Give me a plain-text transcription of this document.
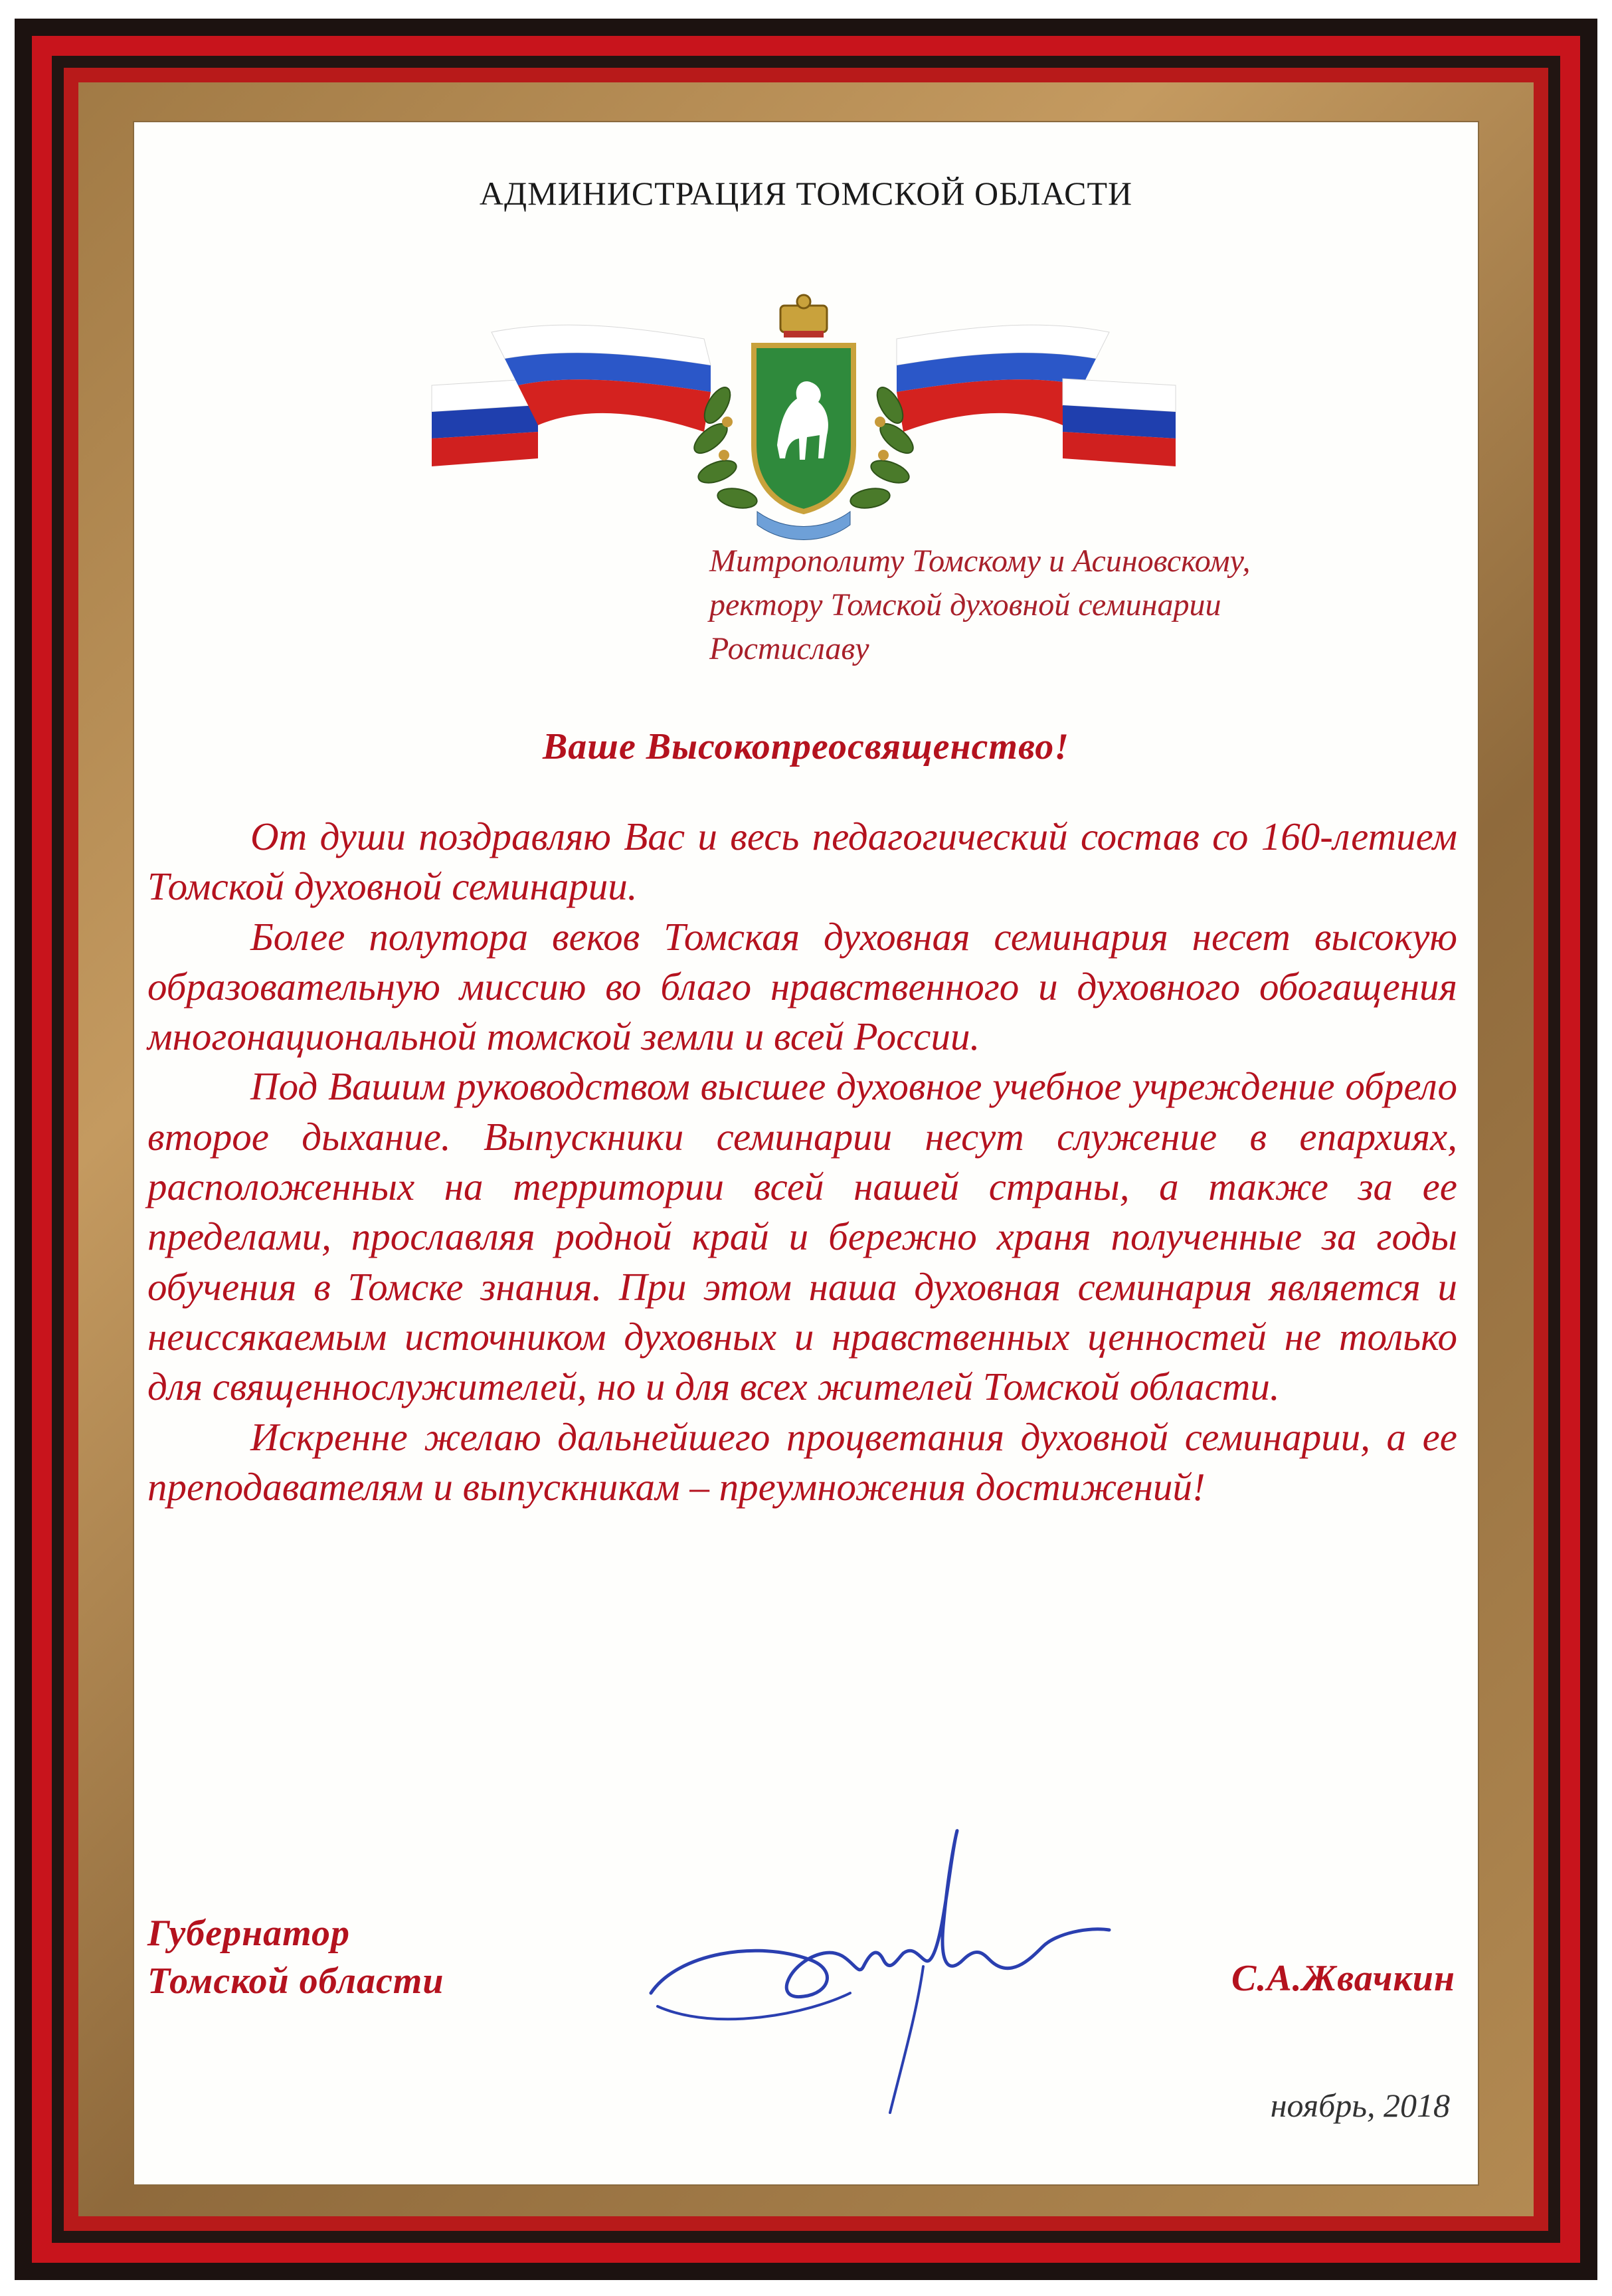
АДМИНИСТРАЦИЯ ТОМСКОЙ ОБЛАСТИ
Митрополиту Томскому и Асиновскому,
ректору Томской духовной семинарии
Ростиславу
Ваше Высокопреосвященство!

От души поздравляю Вас и весь педагогический состав со 160-летием Томской духовной семинарии.

Более полутора веков Томская духовная семинария несет высокую образовательную миссию во благо нравственного и духовного обогащения многонациональной томской земли и всей России.

Под Вашим руководством высшее духовное учебное учреждение обрело второе дыхание. Выпускники семинарии несут служение в епархиях, расположенных на территории всей нашей страны, а также за ее пределами, прославляя родной край и бережно храня полученные за годы обучения в Томске знания. При этом наша духовная семинария является и неиссякаемым источником духовных и нравственных ценностей не только для священнослужителей, но и для всех жителей Томской области.

Искренне желаю дальнейшего процветания духовной семинарии, а ее преподавателям и выпускникам – преумножения достижений!

Губернатор
Томской области	С.А.Жвачкин
ноябрь, 2018
